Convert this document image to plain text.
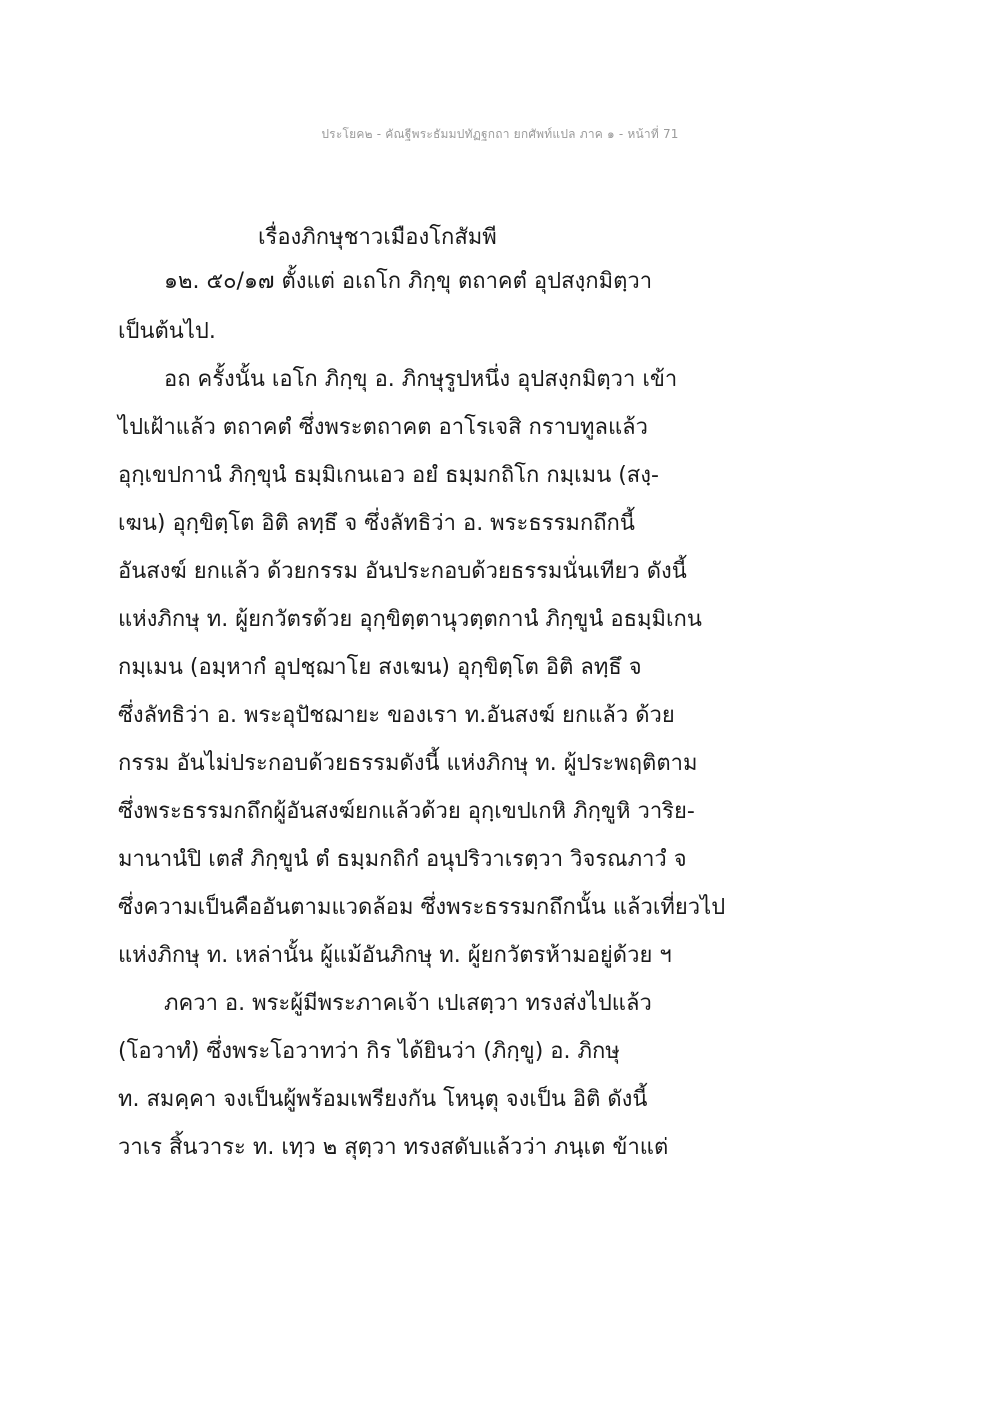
ประโยค๒ - คัณฐีพระธัมมปทัฏฐกถา ยกศัพท์แปล ภาค ๑ - หน้าที่ 71
เรื่องภิกษุชาวเมืองโกสัมพี
๑๒. ๕๐/๑๗ ตั้งแต่ อเถโก ภิกฺขุ ตถาคตํ อุปสงฺกมิตฺวา
เป็นต้นไป.
อถ ครั้งนั้น เอโก ภิกฺขุ อ. ภิกษุรูปหนึ่ง อุปสงฺกมิตฺวา เข้า
ไปเฝ้าแล้ว ตถาคตํ ซึ่งพระตถาคต อาโรเจสิ กราบทูลแล้ว
อุกฺเขปกานํ ภิกฺขุนํ ธมฺมิเกนเอว อยํ ธมฺมกถิโก กมฺเมน (สงฺ-
เฆน) อุกฺขิตฺโต อิติ ลทฺธึ จ ซึ่งลัทธิว่า อ. พระธรรมกถึกนี้
อันสงฆ์ ยกแล้ว ด้วยกรรม อันประกอบด้วยธรรมนั่นเทียว ดังนี้
แห่งภิกษุ ท. ผู้ยกวัตรด้วย อุกฺขิตฺตานุวตฺตกานํ ภิกฺขูนํ อธมฺมิเกน
กมฺเมน (อมฺหากํ อุปชฺฌาโย สงเฆน) อุกฺขิตฺโต อิติ ลทฺธึ จ
ซึ่งลัทธิว่า อ. พระอุปัชฌายะ ของเรา ท.อันสงฆ์ ยกแล้ว ด้วย
กรรม อันไม่ประกอบด้วยธรรมดังนี้ แห่งภิกษุ ท. ผู้ประพฤติตาม
ซึ่งพระธรรมกถึกผู้อันสงฆ์ยกแล้วด้วย อุกฺเขปเกหิ ภิกฺขูหิ วาริย-
มานานํปิ เตสํ ภิกฺขูนํ ตํ ธมฺมกถิกํ อนุปริวาเรตฺวา วิจรณภาวํ จ
ซึ่งความเป็นคืออันตามแวดล้อม ซึ่งพระธรรมกถึกนั้น แล้วเที่ยวไป
แห่งภิกษุ ท. เหล่านั้น ผู้แม้อันภิกษุ ท. ผู้ยกวัตรห้ามอยู่ด้วย ฯ
ภควา อ. พระผู้มีพระภาคเจ้า เปเสตฺวา ทรงส่งไปแล้ว
(โอวาทํ) ซึ่งพระโอวาทว่า กิร ได้ยินว่า (ภิกฺขู) อ. ภิกษุ
ท. สมคฺคา จงเป็นผู้พร้อมเพรียงกัน โหนฺตุ จงเป็น อิติ ดังนี้
วาเร สิ้นวาระ ท. เทฺว ๒ สุตฺวา ทรงสดับแล้วว่า ภนฺเต ข้าแต่
